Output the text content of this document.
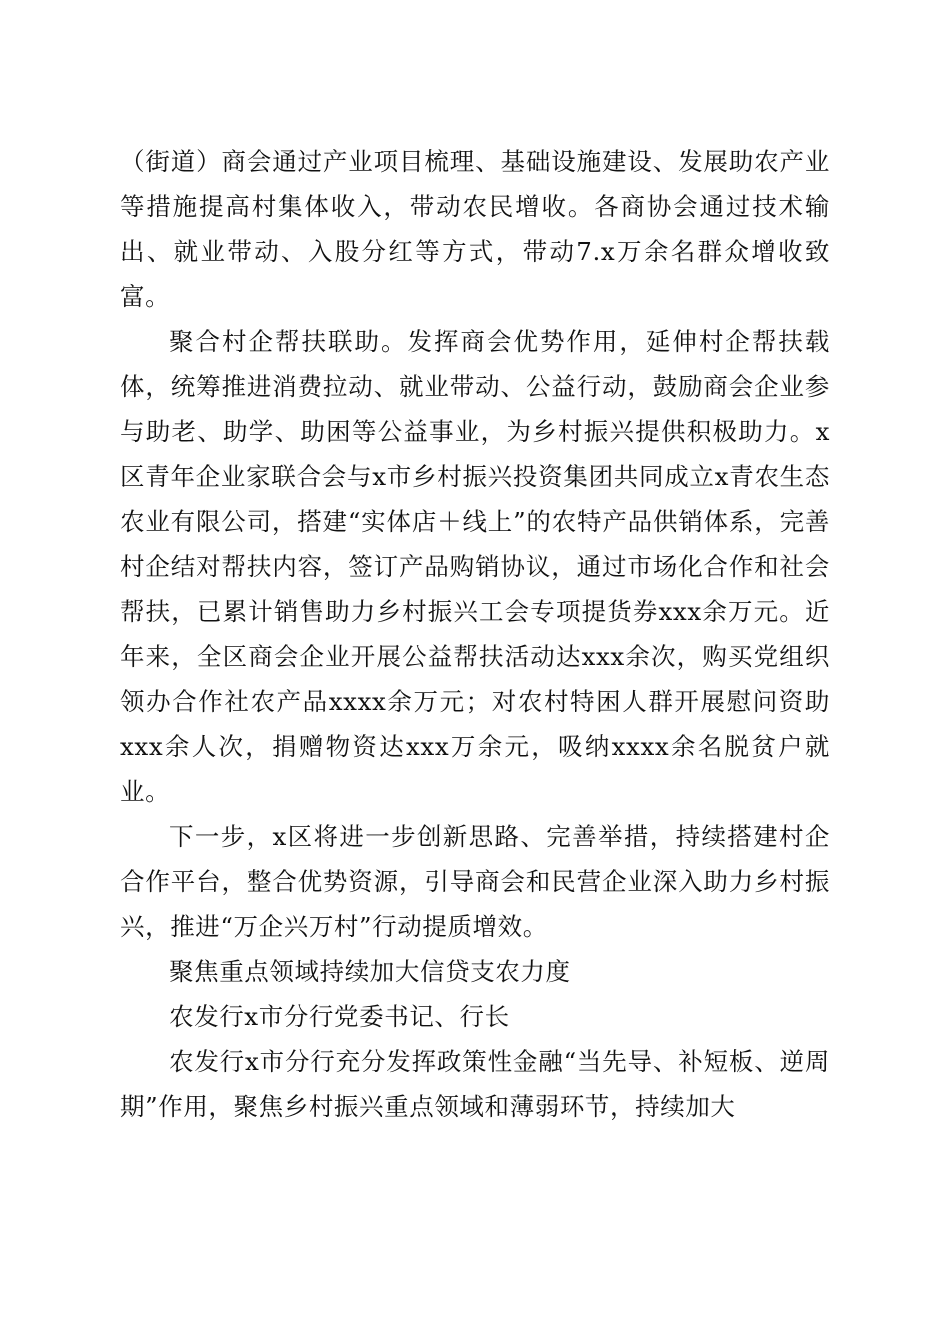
（街道）商会通过产业项目梳理、基础设施建设、发展助农产业等措施提高村集体收入，带动农民增收。各商协会通过技术输出、就业带动、入股分红等方式，带动7.x万余名群众增收致富。

聚合村企帮扶联助。发挥商会优势作用，延伸村企帮扶载体，统筹推进消费拉动、就业带动、公益行动，鼓励商会企业参与助老、助学、助困等公益事业，为乡村振兴提供积极助力。x区青年企业家联合会与x市乡村振兴投资集团共同成立x青农生态农业有限公司，搭建“实体店＋线上”的农特产品供销体系，完善村企结对帮扶内容，签订产品购销协议，通过市场化合作和社会帮扶，已累计销售助力乡村振兴工会专项提货券xxx余万元。近年来，全区商会企业开展公益帮扶活动达xxx余次，购买党组织领办合作社农产品xxxx余万元；对农村特困人群开展慰问资助xxx余人次，捐赠物资达xxx万余元，吸纳xxxx余名脱贫户就业。

下一步，x区将进一步创新思路、完善举措，持续搭建村企合作平台，整合优势资源，引导商会和民营企业深入助力乡村振兴，推进“万企兴万村”行动提质增效。

聚焦重点领域持续加大信贷支农力度

农发行x市分行党委书记、行长

农发行x市分行充分发挥政策性金融“当先导、补短板、逆周期”作用，聚焦乡村振兴重点领域和薄弱环节，持续加大
